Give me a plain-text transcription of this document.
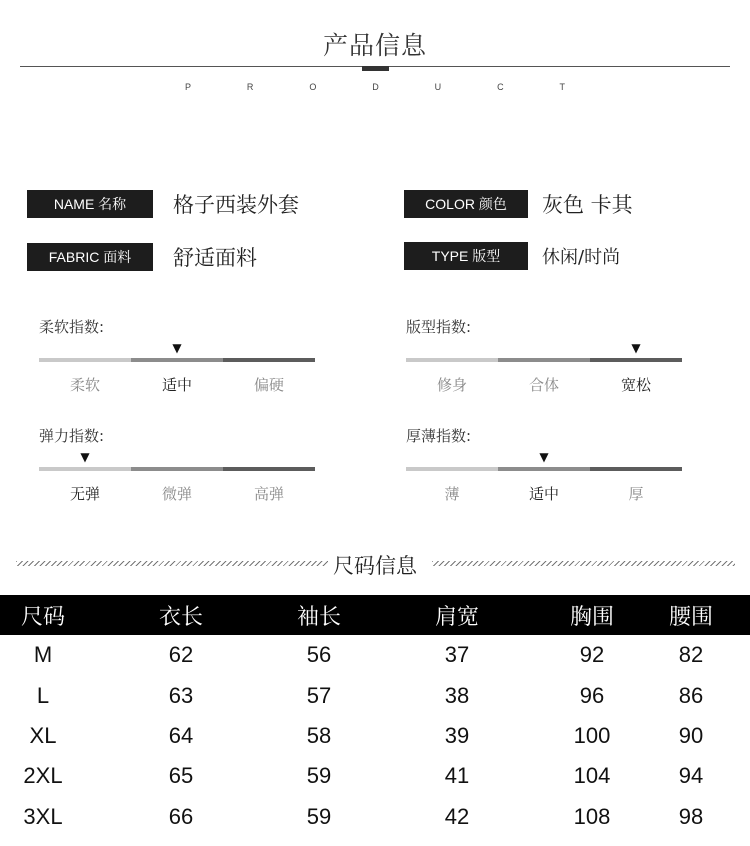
产品信息
P	R	O	D	U	C	T
NAME 名称	格子西装外套	COLOR 颜色	灰色 卡其
FABRIC 面料	舒适面料	TYPE 版型	休闲/时尚
柔软指数:
▼
柔软	适中	偏硬
版型指数:
▼
修身	合体	宽松
弹力指数:
▼
无弹	微弹	高弹
厚薄指数:
▼
薄	适中	厚
尺码信息
尺码	衣长	袖长	肩宽	胸围	腰围
M	62	56	37	92	82
L	63	57	38	96	86
XL	64	58	39	100	90
2XL	65	59	41	104	94
3XL	66	59	42	108	98
